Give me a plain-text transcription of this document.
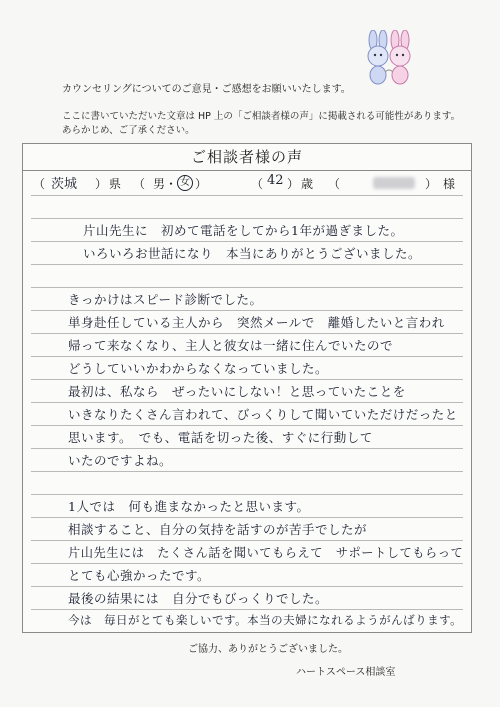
カウンセリングについてのご意見・ご感想をお願いいたします。
ここに書いていただいた文章は HP 上の「ご相談者様の声」に掲載される可能性があります。
あらかじめ、ご了承ください。
ご相談者様の声
（ 茨城 ） 県 （ 男 ・ 女 ）	（ 42 ） 歳 （	） 様
片山先生に　初めて電話をしてから1年が過ぎました。
いろいろお世話になり　本当にありがとうございました。
きっかけはスピード診断でした。
単身赴任している主人から　突然メールで　離婚したいと言われ
帰って来なくなり、主人と彼女は一緒に住んでいたので
どうしていいかわからなくなっていました。
最初は、私なら　ぜったいにしない！と思っていたことを
いきなりたくさん言われて、びっくりして聞いていただけだったと
思います。　でも、電話を切った後、すぐに行動して
いたのですよね。
1人では　何も進まなかったと思います。
相談すること、自分の気持を話すのが苦手でしたが
片山先生には　たくさん話を聞いてもらえて　サポートしてもらって
とても心強かったです。
最後の結果には　自分でもびっくりでした。
今は　毎日がとても楽しいです。本当の夫婦になれるようがんばります。
ご協力、ありがとうございました。
ハートスペース相談室
